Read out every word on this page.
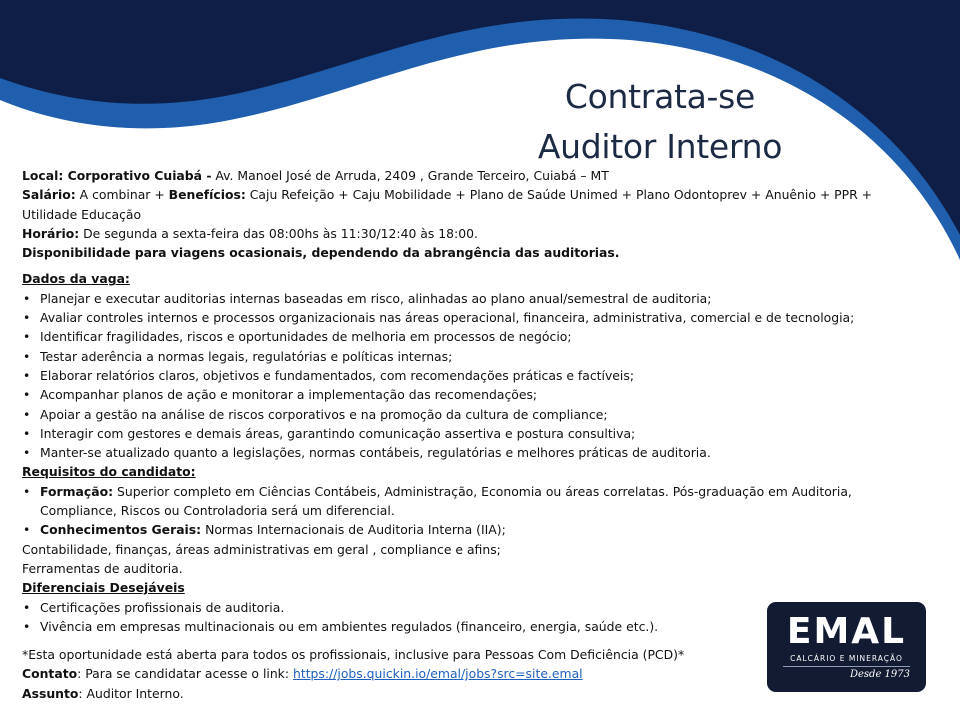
Contrata-se
Auditor Interno

Local: Corporativo Cuiabá - Av. Manoel José de Arruda, 2409 , Grande Terceiro, Cuiabá – MT

Salário: A combinar + Benefícios: Caju Refeição + Caju Mobilidade + Plano de Saúde Unimed + Plano Odontoprev + Anuênio + PPR + Utilidade Educação

Horário: De segunda a sexta-feira das 08:00hs às 11:30/12:40 às 18:00.

Disponibilidade para viagens ocasionais, dependendo da abrangência das auditorias.

Dados da vaga:

• Planejar e executar auditorias internas baseadas em risco, alinhadas ao plano anual/semestral de auditoria;
• Avaliar controles internos e processos organizacionais nas áreas operacional, financeira, administrativa, comercial e de tecnologia;
• Identificar fragilidades, riscos e oportunidades de melhoria em processos de negócio;
• Testar aderência a normas legais, regulatórias e políticas internas;
• Elaborar relatórios claros, objetivos e fundamentados, com recomendações práticas e factíveis;
• Acompanhar planos de ação e monitorar a implementação das recomendações;
• Apoiar a gestão na análise de riscos corporativos e na promoção da cultura de compliance;
• Interagir com gestores e demais áreas, garantindo comunicação assertiva e postura consultiva;
• Manter-se atualizado quanto a legislações, normas contábeis, regulatórias e melhores práticas de auditoria.

Requisitos do candidato:

• Formação: Superior completo em Ciências Contábeis, Administração, Economia ou áreas correlatas. Pós-graduação em Auditoria, Compliance, Riscos ou Controladoria será um diferencial.
• Conhecimentos Gerais: Normas Internacionais de Auditoria Interna (IIA);

Contabilidade, finanças, áreas administrativas em geral , compliance e afins;

Ferramentas de auditoria.

Diferenciais Desejáveis

• Certificações profissionais de auditoria.
• Vivência em empresas multinacionais ou em ambientes regulados (financeiro, energia, saúde etc.).

*Esta oportunidade está aberta para todos os profissionais, inclusive para Pessoas Com Deficiência (PCD)*

Contato: Para se candidatar acesse o link: https://jobs.quickin.io/emal/jobs?src=site.emal

Assunto: Auditor Interno.

EMAL
CALCÁRIO E MINERAÇÃO
Desde 1973
